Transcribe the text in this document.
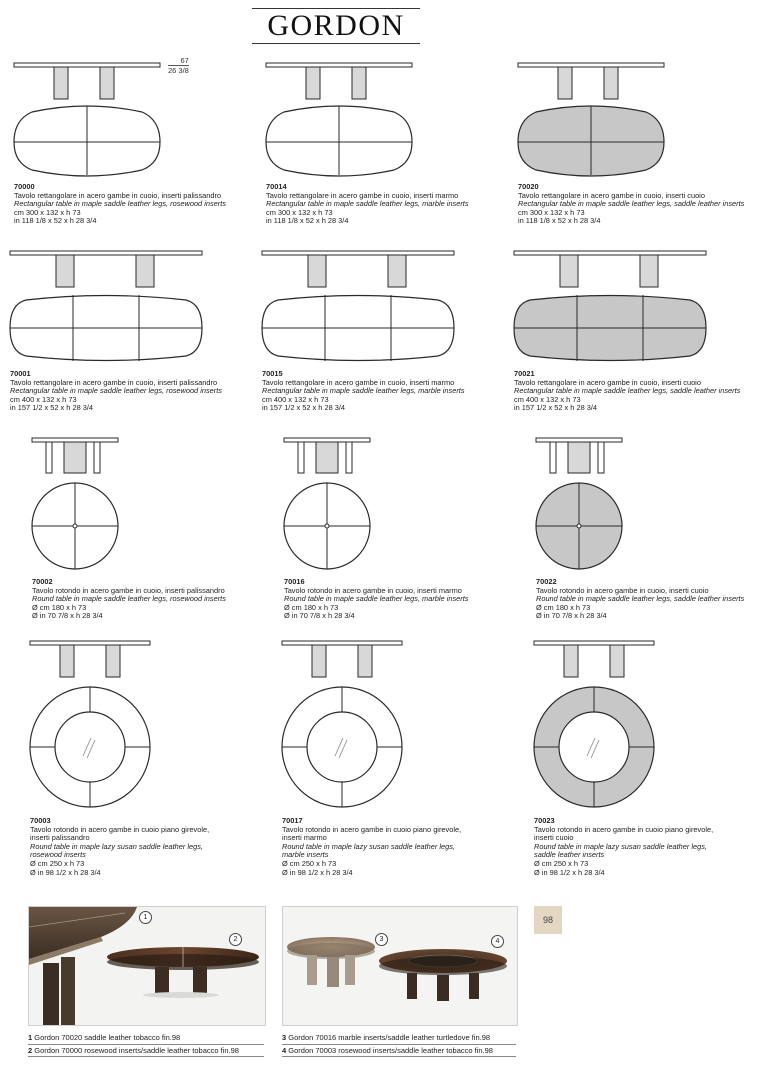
GORDON
67
26 3/8
70000
Tavolo rettangolare in acero gambe in cuoio, inserti palissandro
Rectangular table in maple saddle leather legs, rosewood inserts
cm 300 x 132 x h 73
in 118 1/8 x 52 x h 28 3/4
70014
Tavolo rettangolare in acero gambe in cuoio, inserti marmo
Rectangular table in maple saddle leather legs, marble inserts
cm 300 x 132 x h 73
in 118 1/8 x 52 x h 28 3/4
70020
Tavolo rettangolare in acero gambe in cuoio, inserti cuoio
Rectangular table in maple saddle leather legs, saddle leather inserts
cm 300 x 132 x h 73
in 118 1/8 x 52 x h 28 3/4
70001
Tavolo rettangolare in acero gambe in cuoio, inserti palissandro
Rectangular table in maple saddle leather legs, rosewood inserts
cm 400 x 132 x h 73
in 157 1/2 x 52 x h 28 3/4
70015
Tavolo rettangolare in acero gambe in cuoio, inserti marmo
Rectangular table in maple saddle leather legs, marble inserts
cm 400 x 132 x h 73
in 157 1/2 x 52 x h 28 3/4
70021
Tavolo rettangolare in acero gambe in cuoio, inserti cuoio
Rectangular table in maple saddle leather legs, saddle leather inserts
cm 400 x 132 x h 73
in 157 1/2 x 52 x h 28 3/4
70002
Tavolo rotondo in acero gambe in cuoio, inserti palissandro
Round table in maple saddle leather legs, rosewood inserts
Ø cm 180 x h 73
Ø in 70 7/8 x h 28 3/4
70016
Tavolo rotondo in acero gambe in cuoio, inserti marmo
Round table in maple saddle leather legs, marble inserts
Ø cm 180 x h 73
Ø in 70 7/8 x h 28 3/4
70022
Tavolo rotondo in acero gambe in cuoio, inserti cuoio
Round table in maple saddle leather legs, saddle leather inserts
Ø cm 180 x h 73
Ø in 70 7/8 x h 28 3/4
70003
Tavolo rotondo in acero gambe in cuoio piano girevole,
inserti palissandro
Round table in maple lazy susan saddle leather legs,
rosewood inserts
Ø cm 250 x h 73
Ø in 98 1/2 x h 28 3/4
70017
Tavolo rotondo in acero gambe in cuoio piano girevole,
inserti marmo
Round table in maple lazy susan saddle leather legs,
marble inserts
Ø cm 250 x h 73
Ø in 98 1/2 x h 28 3/4
70023
Tavolo rotondo in acero gambe in cuoio piano girevole,
inserti cuoio
Round table in maple lazy susan saddle leather legs,
saddle leather inserts
Ø cm 250 x h 73
Ø in 98 1/2 x h 28 3/4
1
2	3	4
98
1 Gordon 70020 saddle leather tobacco fin.98
2 Gordon 70000 rosewood inserts/saddle leather tobacco fin.98
3 Gordon 70016 marble inserts/saddle leather turtledove fin.98
4 Gordon 70003 rosewood inserts/saddle leather tobacco fin.98
